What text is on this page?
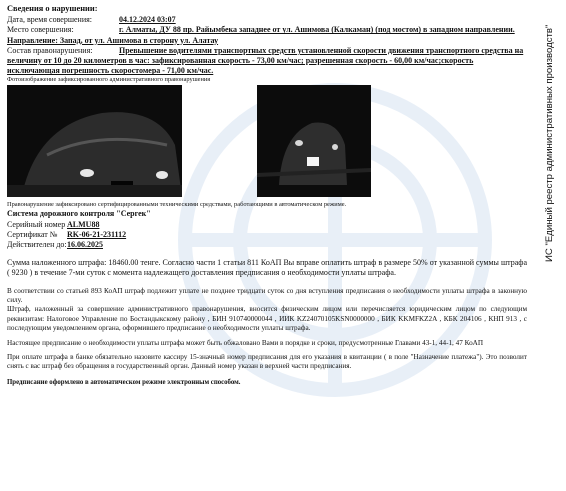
Сведения о нарушении:
Дата, время совершения:	04.12.2024 03:07
Место совершения:	г. Алматы, ДУ 88 пр. Райымбека западнее от ул. Ашимова (Калкаман) (под мостом) в западном направлении. Направление: Запад, от ул. Ашимова в сторону ул. Алатау
Состав правонарушения:	Превышение водителями транспортных средств установленной скорости движения транспортного средства на величину от 10 до 20 километров в час: зафиксированная скорость - 73,00 км/час; разрешенная скорость - 60,00 км/час;скорость исключающая погрешность скоростомера - 71,00 км/час.
Фотоизображение зафиксированного административного правонарушения
Правонарушение зафиксировано сертифицированными техническими средствами, работающими в автоматическом режиме.
Система дорожного контроля "Сергек"
Серийный номер ALMU88
Сертификат №	RK-06-21-231112
Действителен до: 16.06.2025
Сумма наложенного штрафа: 18460.00 тенге. Согласно части 1 статьи 811 КоАП Вы вправе оплатить штраф в размере 50% от указанной суммы штрафа ( 9230 ) в течение 7-ми суток с момента надлежащего доставления предписания о необходимости уплаты штрафа.
В соответствии со статьей 893 КоАП штраф подлежит уплате не позднее тридцати суток со дня вступления предписания о необходимости уплаты штрафа в законную силу.
Штраф, наложенный за совершение административного правонарушения, вносится физическим лицом или перечисляется юридическим лицом по следующим реквизитам: Налоговое Управление по Бостандыкскому району , БИН 910740000044 , ИИК KZ24070105KSN0000000 , БИК KKMFKZ2A , КБК 204106 , КНП 913 , с последующим уведомлением органа, оформившего предписание о необходимости уплаты штрафа.
Настоящее предписание о необходимости уплаты штрафа может быть обжаловано Вами в порядке и сроки, предусмотренные Главами 43-1, 44-1, 47 КоАП
При оплате штрафа в банке обязательно назовите кассиру 15-значный номер предписания для его указания в квитанции ( в поле "Назначение платежа"). Это позволит снять с вас штраф без обращения в государственный орган. Данный номер указан в верхней части предписания.
Предписание оформлено в автоматическом режиме электронным способом.
ИС "Единый реестр административных производств"
